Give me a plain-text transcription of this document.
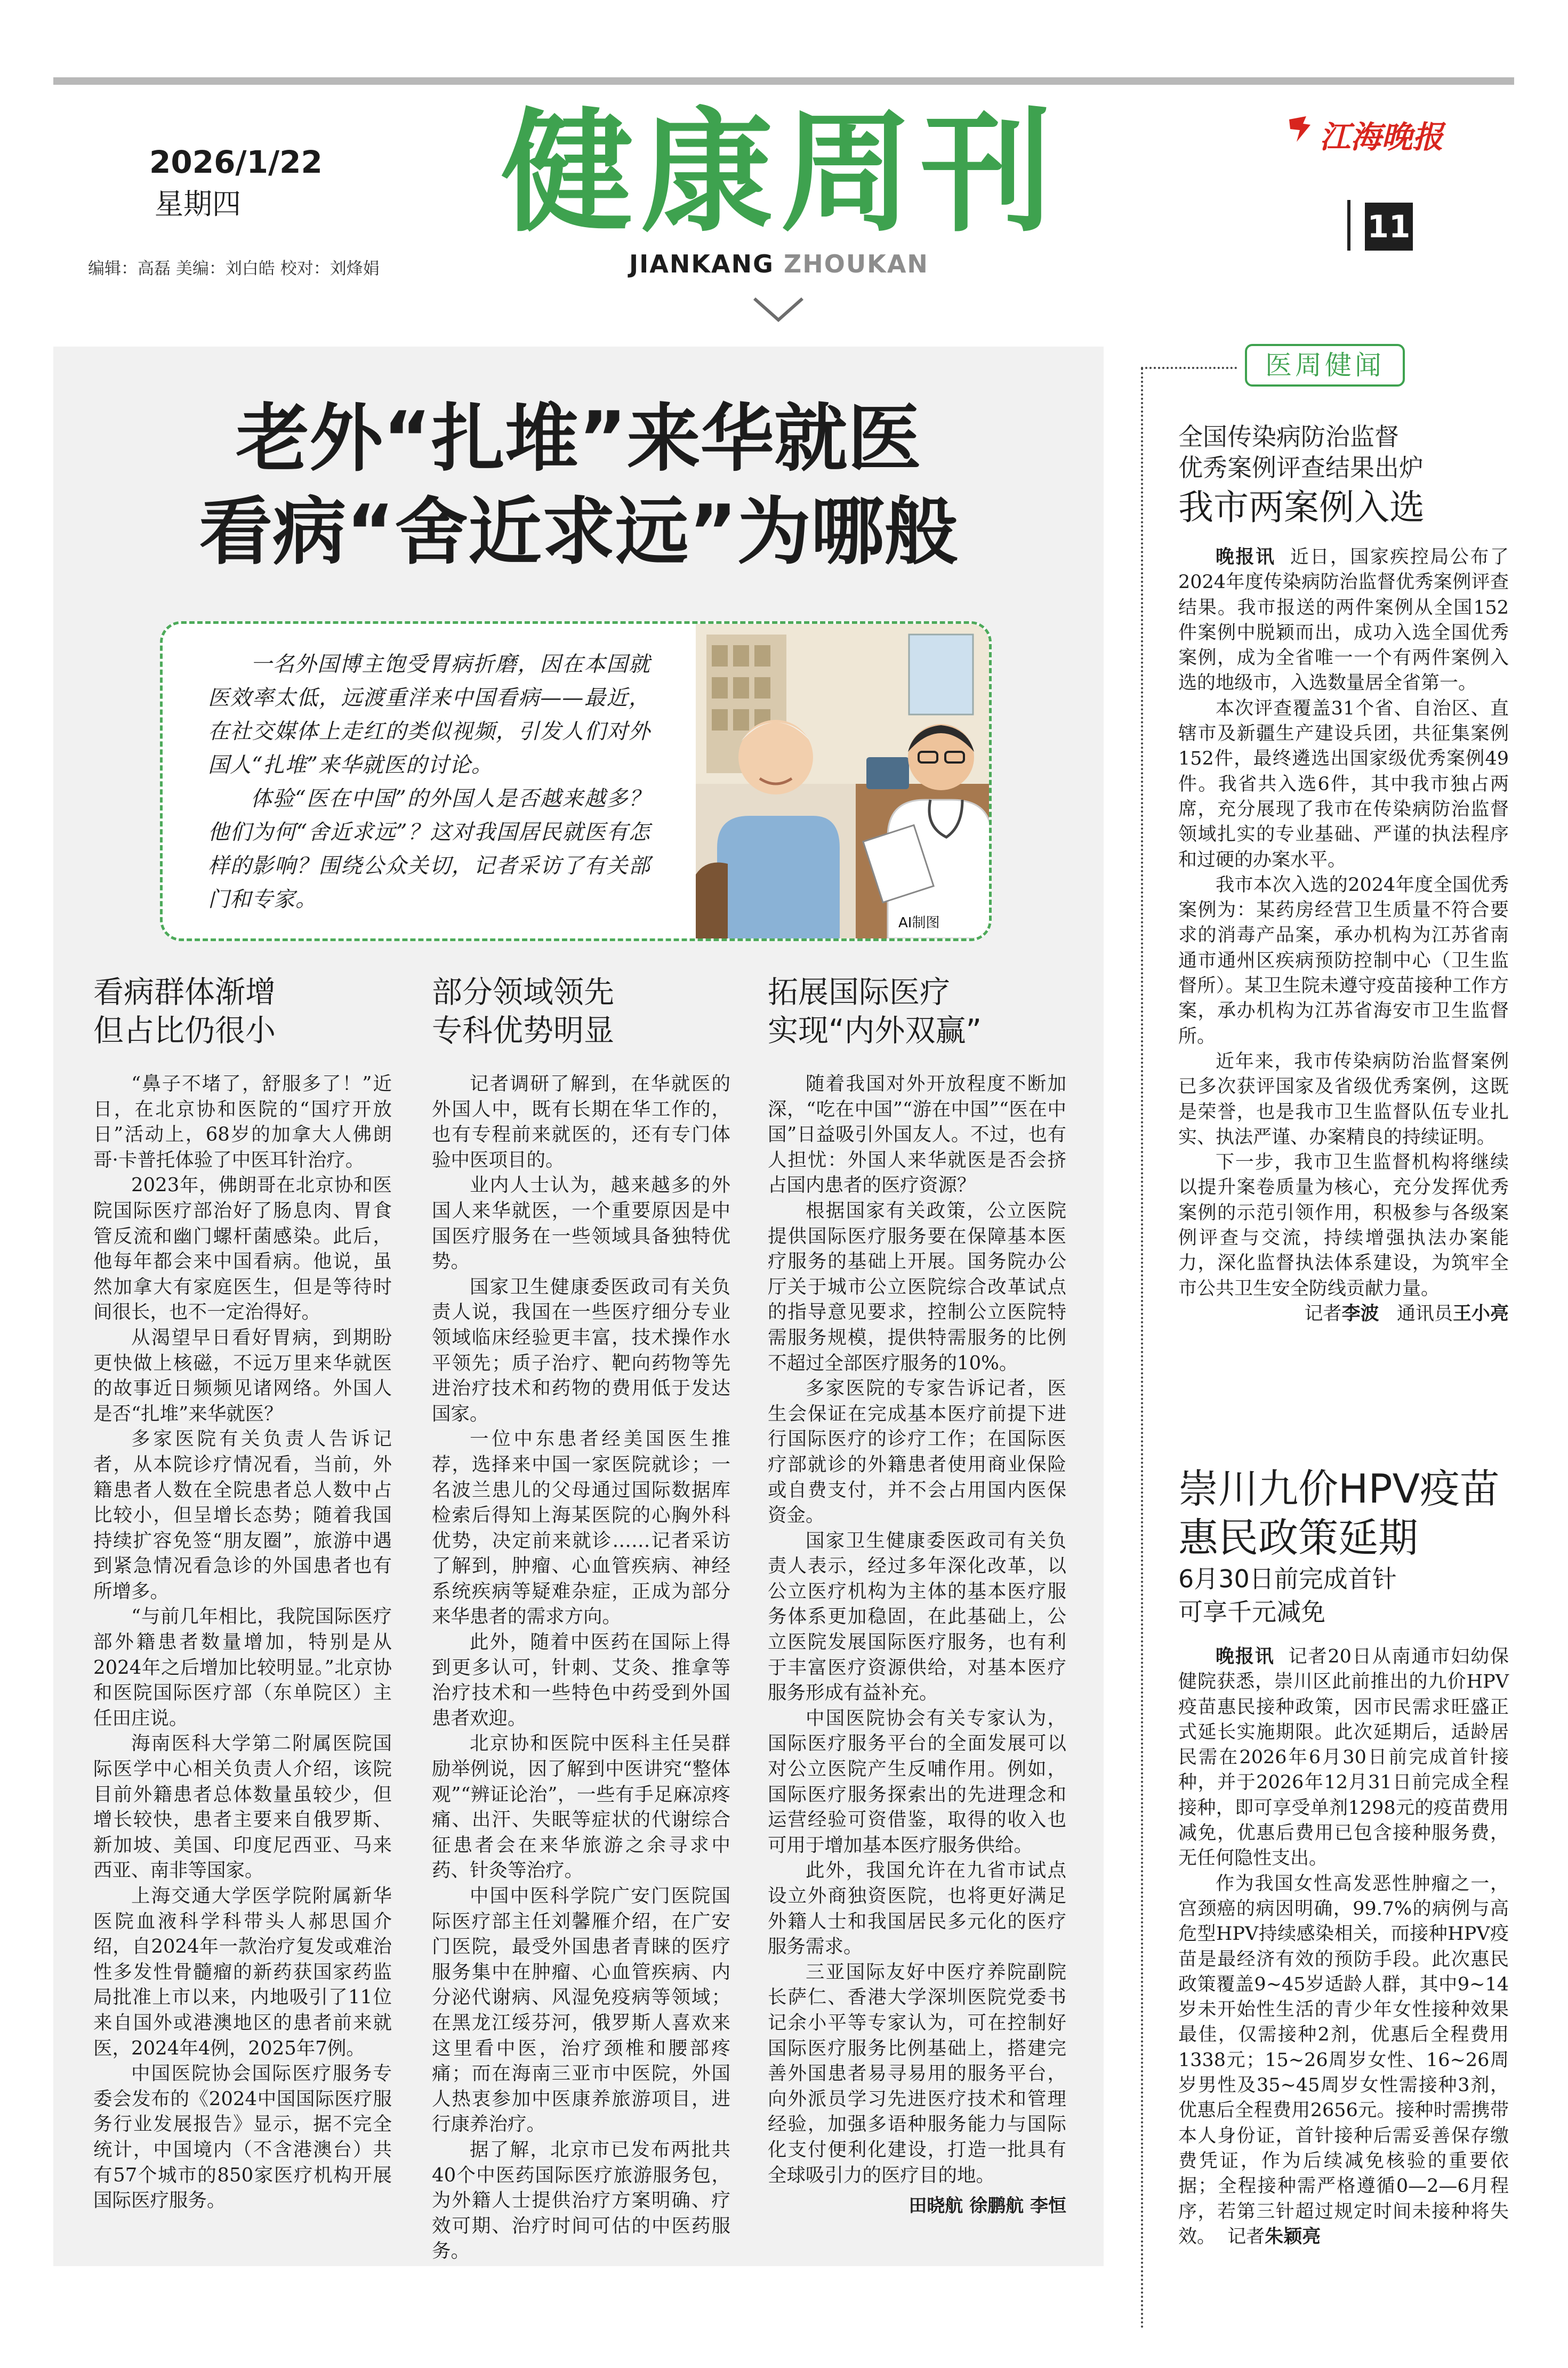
2026/1/22
星期四
编辑：高磊 美编：刘白皓 校对：刘烽娟
健康周刊
JIANKANG ZHOUKAN
江海晚报
11
老外“扎堆”来华就医
看病“舍近求远”为哪般

一名外国博主饱受胃病折磨，因在本国就医效率太低，远渡重洋来中国看病——最近，在社交媒体上走红的类似视频，引发人们对外国人“扎堆”来华就医的讨论。

体验“医在中国”的外国人是否越来越多？他们为何“舍近求远”？这对我国居民就医有怎样的影响？围绕公众关切，记者采访了有关部门和专家。

AI制图
看病群体渐增
但占比仍很小

“鼻子不堵了，舒服多了！”近日，在北京协和医院的“国疗开放日”活动上，68岁的加拿大人佛朗哥·卡普托体验了中医耳针治疗。

2023年，佛朗哥在北京协和医院国际医疗部治好了肠息肉、胃食管反流和幽门螺杆菌感染。此后，他每年都会来中国看病。他说，虽然加拿大有家庭医生，但是等待时间很长，也不一定治得好。

从渴望早日看好胃病，到期盼更快做上核磁，不远万里来华就医的故事近日频频见诸网络。外国人是否“扎堆”来华就医？

多家医院有关负责人告诉记者，从本院诊疗情况看，当前，外籍患者人数在全院患者总人数中占比较小，但呈增长态势；随着我国持续扩容免签“朋友圈”，旅游中遇到紧急情况看急诊的外国患者也有所增多。

“与前几年相比，我院国际医疗部外籍患者数量增加，特别是从2024年之后增加比较明显。”北京协和医院国际医疗部（东单院区）主任田庄说。

海南医科大学第二附属医院国际医学中心相关负责人介绍，该院目前外籍患者总体数量虽较少，但增长较快，患者主要来自俄罗斯、新加坡、美国、印度尼西亚、马来西亚、南非等国家。

上海交通大学医学院附属新华医院血液科学科带头人郝思国介绍，自2024年一款治疗复发或难治性多发性骨髓瘤的新药获国家药监局批准上市以来，内地吸引了11位来自国外或港澳地区的患者前来就医，2024年4例，2025年7例。

中国医院协会国际医疗服务专委会发布的《2024中国国际医疗服务行业发展报告》显示，据不完全统计，中国境内（不含港澳台）共有57个城市的850家医疗机构开展国际医疗服务。

部分领域领先
专科优势明显

记者调研了解到，在华就医的外国人中，既有长期在华工作的，也有专程前来就医的，还有专门体验中医项目的。

业内人士认为，越来越多的外国人来华就医，一个重要原因是中国医疗服务在一些领域具备独特优势。

国家卫生健康委医政司有关负责人说，我国在一些医疗细分专业领域临床经验更丰富，技术操作水平领先；质子治疗、靶向药物等先进治疗技术和药物的费用低于发达国家。

一位中东患者经美国医生推荐，选择来中国一家医院就诊；一名波兰患儿的父母通过国际数据库检索后得知上海某医院的心胸外科优势，决定前来就诊……记者采访了解到，肿瘤、心血管疾病、神经系统疾病等疑难杂症，正成为部分来华患者的需求方向。

此外，随着中医药在国际上得到更多认可，针刺、艾灸、推拿等治疗技术和一些特色中药受到外国患者欢迎。

北京协和医院中医科主任吴群励举例说，因了解到中医讲究“整体观”“辨证论治”，一些有手足麻凉疼痛、出汗、失眠等症状的代谢综合征患者会在来华旅游之余寻求中药、针灸等治疗。

中国中医科学院广安门医院国际医疗部主任刘馨雁介绍，在广安门医院，最受外国患者青睐的医疗服务集中在肿瘤、心血管疾病、内分泌代谢病、风湿免疫病等领域；在黑龙江绥芬河，俄罗斯人喜欢来这里看中医，治疗颈椎和腰部疼痛；而在海南三亚市中医院，外国人热衷参加中医康养旅游项目，进行康养治疗。

据了解，北京市已发布两批共40个中医药国际医疗旅游服务包，为外籍人士提供治疗方案明确、疗效可期、治疗时间可估的中医药服务。

拓展国际医疗
实现“内外双赢”

随着我国对外开放程度不断加深，“吃在中国”“游在中国”“医在中国”日益吸引外国友人。不过，也有人担忧：外国人来华就医是否会挤占国内患者的医疗资源？

根据国家有关政策，公立医院提供国际医疗服务要在保障基本医疗服务的基础上开展。国务院办公厅关于城市公立医院综合改革试点的指导意见要求，控制公立医院特需服务规模，提供特需服务的比例不超过全部医疗服务的10%。

多家医院的专家告诉记者，医生会保证在完成基本医疗前提下进行国际医疗的诊疗工作；在国际医疗部就诊的外籍患者使用商业保险或自费支付，并不会占用国内医保资金。

国家卫生健康委医政司有关负责人表示，经过多年深化改革，以公立医疗机构为主体的基本医疗服务体系更加稳固，在此基础上，公立医院发展国际医疗服务，也有利于丰富医疗资源供给，对基本医疗服务形成有益补充。

中国医院协会有关专家认为，国际医疗服务平台的全面发展可以对公立医院产生反哺作用。例如，国际医疗服务探索出的先进理念和运营经验可资借鉴，取得的收入也可用于增加基本医疗服务供给。

此外，我国允许在九省市试点设立外商独资医院，也将更好满足外籍人士和我国居民多元化的医疗服务需求。

三亚国际友好中医疗养院副院长萨仁、香港大学深圳医院党委书记余小平等专家认为，可在控制好国际医疗服务比例基础上，搭建完善外国患者易寻易用的服务平台，向外派员学习先进医疗技术和管理经验，加强多语种服务能力与国际化支付便利化建设，打造一批具有全球吸引力的医疗目的地。

田晓航 徐鹏航 李恒
医周健闻
全国传染病防治监督
优秀案例评查结果出炉
我市两案例入选

晚报讯 近日，国家疾控局公布了2024年度传染病防治监督优秀案例评查结果。我市报送的两件案例从全国152件案例中脱颖而出，成功入选全国优秀案例，成为全省唯一一个有两件案例入选的地级市，入选数量居全省第一。

本次评查覆盖31个省、自治区、直辖市及新疆生产建设兵团，共征集案例152件，最终遴选出国家级优秀案例49件。我省共入选6件，其中我市独占两席，充分展现了我市在传染病防治监督领域扎实的专业基础、严谨的执法程序和过硬的办案水平。

我市本次入选的2024年度全国优秀案例为：某药房经营卫生质量不符合要求的消毒产品案，承办机构为江苏省南通市通州区疾病预防控制中心（卫生监督所）。某卫生院未遵守疫苗接种工作方案，承办机构为江苏省海安市卫生监督所。

近年来，我市传染病防治监督案例已多次获评国家及省级优秀案例，这既是荣誉，也是我市卫生监督队伍专业扎实、执法严谨、办案精良的持续证明。

下一步，我市卫生监督机构将继续以提升案卷质量为核心，充分发挥优秀案例的示范引领作用，积极参与各级案例评查与交流，持续增强执法办案能力，深化监督执法体系建设，为筑牢全市公共卫生安全防线贡献力量。

记者李波 通讯员王小亮
崇川九价HPV疫苗
惠民政策延期
6月30日前完成首针
可享千元减免

晚报讯 记者20日从南通市妇幼保健院获悉，崇川区此前推出的九价HPV疫苗惠民接种政策，因市民需求旺盛正式延长实施期限。此次延期后，适龄居民需在2026年6月30日前完成首针接种，并于2026年12月31日前完成全程接种，即可享受单剂1298元的疫苗费用减免，优惠后费用已包含接种服务费，无任何隐性支出。

作为我国女性高发恶性肿瘤之一，宫颈癌的病因明确，99.7%的病例与高危型HPV持续感染相关，而接种HPV疫苗是最经济有效的预防手段。此次惠民政策覆盖9~45岁适龄人群，其中9~14岁未开始性生活的青少年女性接种效果最佳，仅需接种2剂，优惠后全程费用1338元；15~26周岁女性、16~26周岁男性及35~45周岁女性需接种3剂，优惠后全程费用2656元。接种时需携带本人身份证，首针接种后需妥善保存缴费凭证，作为后续减免核验的重要依据；全程接种需严格遵循0—2—6月程序，若第三针超过规定时间未接种将失效。 记者朱颖亮
